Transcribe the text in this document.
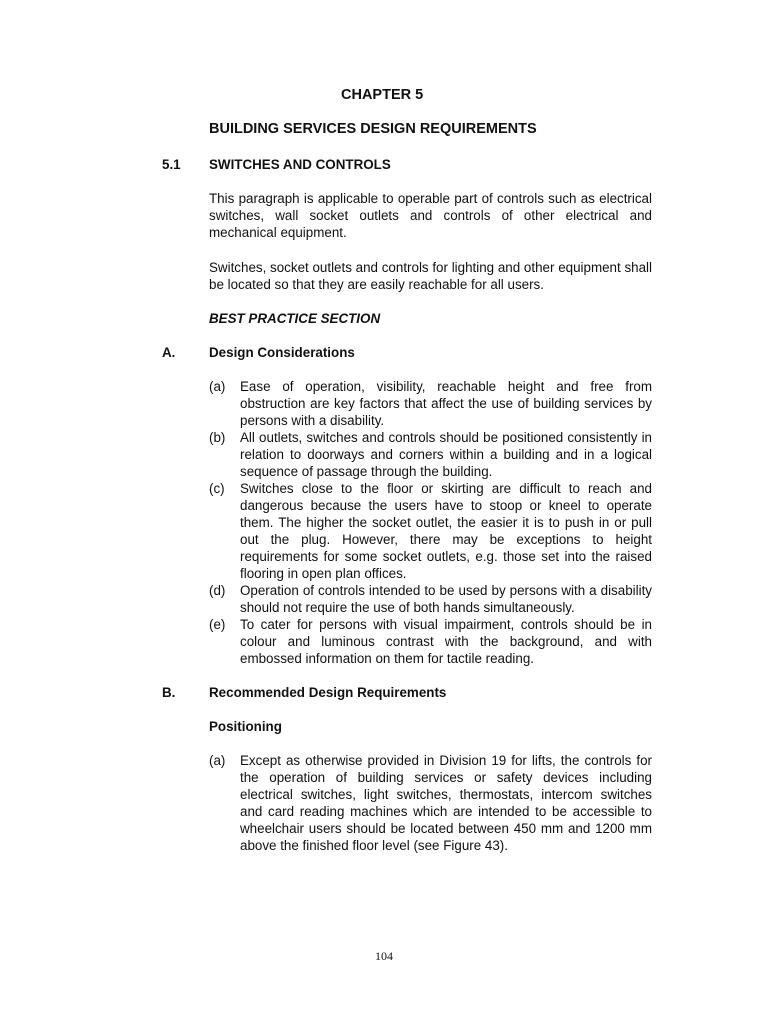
CHAPTER 5
BUILDING SERVICES DESIGN REQUIREMENTS
5.1 SWITCHES AND CONTROLS
This paragraph is applicable to operable part of controls such as electrical switches, wall socket outlets and controls of other electrical and mechanical equipment.
Switches, socket outlets and controls for lighting and other equipment shall be located so that they are easily reachable for all users.
BEST PRACTICE SECTION
A.	Design Considerations
(a)	Ease of operation, visibility, reachable height and free from obstruction are key factors that affect the use of building services by persons with a disability.
(b)	All outlets, switches and controls should be positioned consistently in relation to doorways and corners within a building and in a logical sequence of passage through the building.
(c)	Switches close to the floor or skirting are difficult to reach and dangerous because the users have to stoop or kneel to operate them. The higher the socket outlet, the easier it is to push in or pull out the plug. However, there may be exceptions to height requirements for some socket outlets, e.g. those set into the raised flooring in open plan offices.
(d)	Operation of controls intended to be used by persons with a disability should not require the use of both hands simultaneously.
(e)	To cater for persons with visual impairment, controls should be in colour and luminous contrast with the background, and with embossed information on them for tactile reading.
B.	Recommended Design Requirements
Positioning
(a)	Except as otherwise provided in Division 19 for lifts, the controls for the operation of building services or safety devices including electrical switches, light switches, thermostats, intercom switches and card reading machines which are intended to be accessible to wheelchair users should be located between 450 mm and 1200 mm above the finished floor level (see Figure 43).
104
